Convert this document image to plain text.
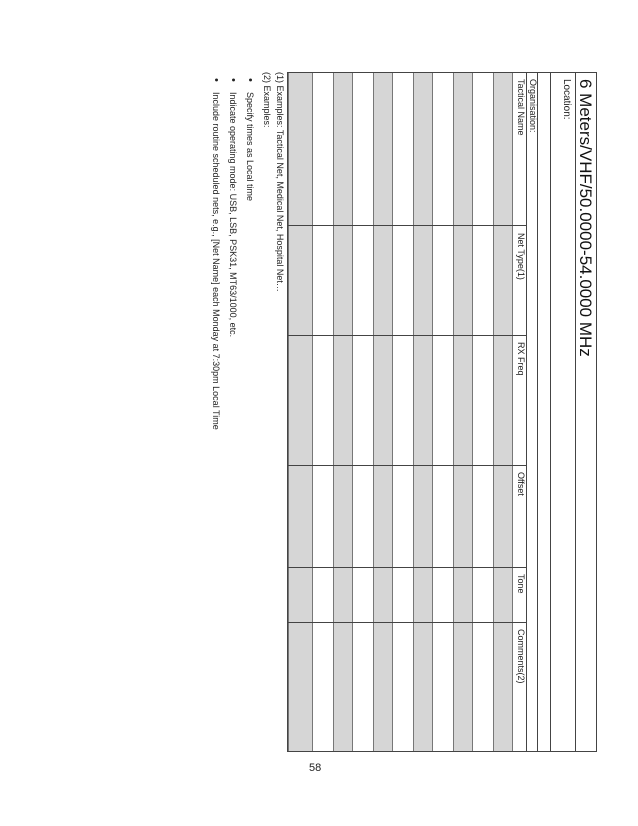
6 Meters/VHF/50.0000-54.0000 MHz
Location:
Organisation:
Tactical Name
Net Type(1)
RX Freq
Offset
Tone
Comments(2)
(1) Examples: Tactical Net, Medical Net, Hospital Net…
(2) Examples:
• Specify times as Local time
• Indicate operating mode: USB, LSB, PSK31, MT63/1000, etc.
• Include routine scheduled nets, e.g., [Net Name] each Monday at 7:30pm Local Time
58
